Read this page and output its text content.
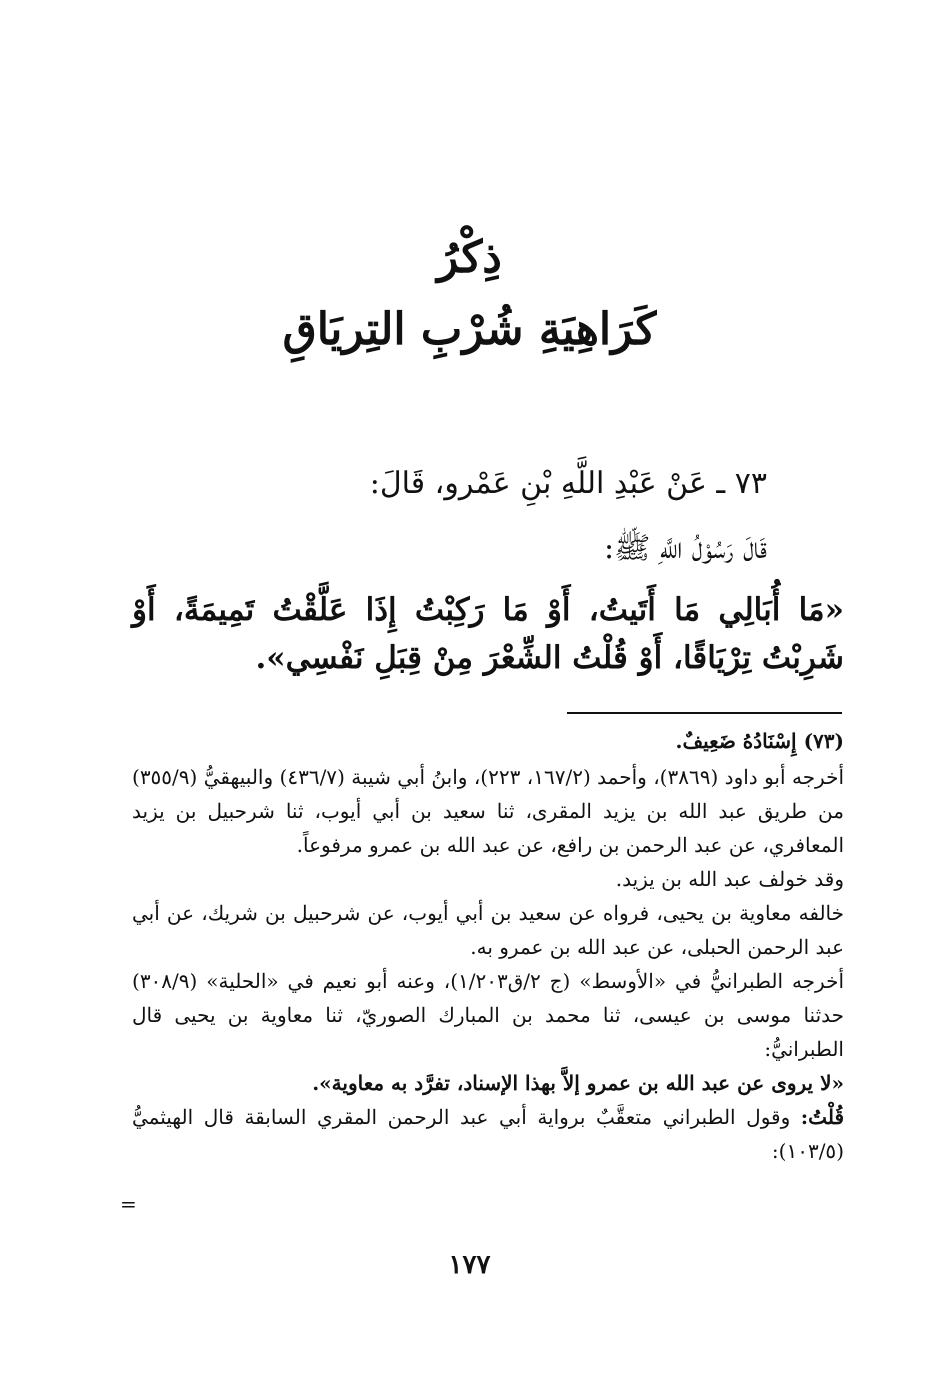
ذِكْرُ
كَرَاهِيَةِ شُرْبِ التِريَاقِ
٧٣ ـ عَنْ عَبْدِ اللَّهِ بْنِ عَمْرو، قَالَ:
قَالَ رَسُوْلُ اللَّهِ ﷺ:
«مَا أُبَالِي مَا أَتَيتُ، أَوْ مَا رَكِبْتُ إِذَا عَلَّقْتُ تَمِيمَةً، أَوْ شَرِبْتُ تِرْيَاقًا، أَوْ قُلْتُ الشِّعْرَ مِنْ قِبَلِ نَفْسِي».

(٧٣) إِسْنَادُهُ ضَعِيفٌ.

أخرجه أبو داود (٣٨٦٩)، وأحمد (١٦٧/٢، ٢٢٣)، وابنُ أبي شيبة (٤٣٦/٧) والبيهقيُّ (٣٥٥/٩) من طريق عبد الله بن يزيد المقرى، ثنا سعيد بن أبي أيوب، ثنا شرحبيل بن يزيد المعافري، عن عبد الرحمن بن رافع، عن عبد الله بن عمرو مرفوعاً.

وقد خولف عبد الله بن يزيد.

خالفه معاوية بن يحيى، فرواه عن سعيد بن أبي أيوب، عن شرحبيل بن شريك، عن أبي عبد الرحمن الحبلى، عن عبد الله بن عمرو به.

أخرجه الطبرانيُّ في «الأوسط» (ج ٢/ق١/٢٠٣)، وعنه أبو نعيم في «الحلية» (٣٠٨/٩) حدثنا موسى بن عيسى، ثنا محمد بن المبارك الصوريّ، ثنا معاوية بن يحيى قال الطبرانيُّ:

«لا يروى عن عبد الله بن عمرو إلاَّ بهذا الإسناد، تفرَّد به معاوية».

قُلْتُ: وقول الطبراني متعقَّبٌ برواية أبي عبد الرحمن المقري السابقة قال الهيثميُّ (١٠٣/٥):

=
١٧٧
